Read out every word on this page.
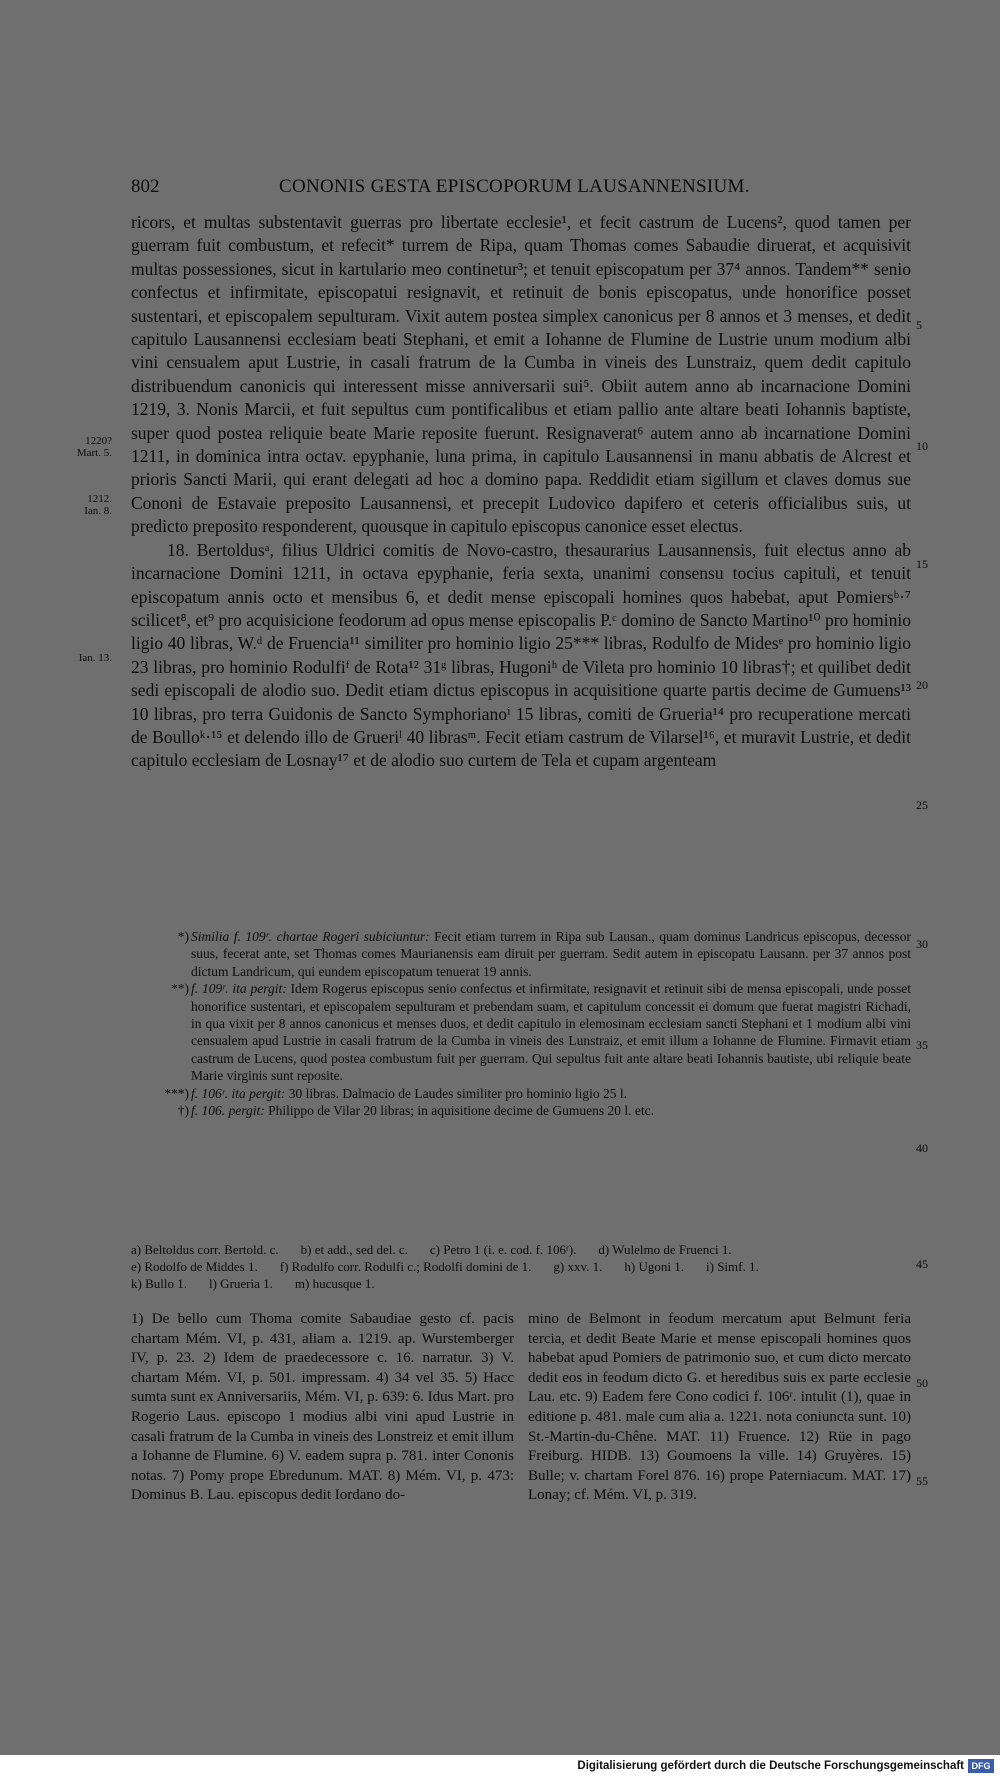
802	CONONIS GESTA EPISCOPORUM LAUSANNENSIUM.

ricors, et multas substentavit guerras pro libertate ecclesie¹, et fecit castrum de Lucens², quod tamen per guerram fuit combustum, et refecit* turrem de Ripa, quam Thomas comes Sabaudie diruerat, et acquisivit multas possessiones, sicut in kartulario meo continetur³; et tenuit episcopatum per 37⁴ annos. Tandem** senio confectus et infirmitate, episcopatui resignavit, et retinuit de bonis episcopatus, unde honorifice posset sustentari, et episcopalem sepulturam. Vixit autem postea simplex canonicus per 8 annos et 3 menses, et dedit capitulo Lausannensi ecclesiam beati Stephani, et emit a Iohanne de Flumine de Lustrie unum modium albi vini censualem aput Lustrie, in casali fratrum de la Cumba in vineis des Lunstraiz, quem dedit capitulo distribuendum canonicis qui interessent misse anniversarii sui⁵. Obiit autem anno ab incarnacione Domini 1219, 3. Nonis Marcii, et fuit sepultus cum pontificalibus et etiam pallio ante altare beati Iohannis baptiste, super quod postea reliquie beate Marie reposite fuerunt. Resignaverat⁶ autem anno ab incarnatione Domini 1211, in dominica intra octav. epyphanie, luna prima, in capitulo Lausannensi in manu abbatis de Alcrest et prioris Sancti Marii, qui erant delegati ad hoc a domino papa. Reddidit etiam sigillum et claves domus sue Cononi de Estavaie preposito Lausannensi, et precepit Ludovico dapifero et ceteris officialibus suis, ut predicto preposito responderent, quousque in capitulo episcopus canonice esset electus.

18. Bertoldusᵃ, filius Uldrici comitis de Novo-castro, thesaurarius Lausannensis, fuit electus anno ab incarnacione Domini 1211, in octava epyphanie, feria sexta, unanimi consensu tocius capituli, et tenuit episcopatum annis octo et mensibus 6, et dedit mense episcopali homines quos habebat, aput Pomiersᵇ·⁷ scilicet⁸, et⁹ pro acquisicione feodorum ad opus mense episcopalis P.ᶜ domino de Sancto Martino¹⁰ pro hominio ligio 40 libras, W.ᵈ de Fruencia¹¹ similiter pro hominio ligio 25*** libras, Rodulfo de Midesᵉ pro hominio ligio 23 libras, pro hominio Rodulfiᶠ de Rota¹² 31ᵍ libras, Hugoniʰ de Vileta pro hominio 10 libras†; et quilibet dedit sedi episcopali de alodio suo. Dedit etiam dictus episcopus in acquisitione quarte partis decime de Gumuens¹³ 10 libras, pro terra Guidonis de Sancto Symphorianoⁱ 15 libras, comiti de Grueria¹⁴ pro recuperatione mercati de Boulloᵏ·¹⁵ et delendo illo de Grueriˡ 40 librasᵐ. Fecit etiam castrum de Vilarsel¹⁶, et muravit Lustrie, et dedit capitulo ecclesiam de Losnay¹⁷ et de alodio suo curtem de Tela et cupam argenteam

1220?
Mart. 5.
1212.
Ian. 8.
Ian. 13.
5
10
15
20
25
30
35
40
45
50
55

*) Similia f. 109ʳ. chartae Rogeri subiciuntur: Fecit etiam turrem in Ripa sub Lausan., quam dominus Landricus episcopus, decessor suus, fecerat ante, set Thomas comes Maurianensis eam diruit per guerram. Sedit autem in episcopatu Lausann. per 37 annos post dictum Landricum, qui eundem episcopatum tenuerat 19 annis.

**) f. 109ʳ. ita pergit: Idem Rogerus episcopus senio confectus et infirmitate, resignavit et retinuit sibi de mensa episcopali, unde posset honorifice sustentari, et episcopalem sepulturam et prebendam suam, et capitulum concessit ei domum que fuerat magistri Richadi, in qua vixit per 8 annos canonicus et menses duos, et dedit capitulo in elemosinam ecclesiam sancti Stephani et 1 modium albi vini censualem apud Lustrie in casali fratrum de la Cumba in vineis des Lunstraiz, et emit illum a Iohanne de Flumine. Firmavit etiam castrum de Lucens, quod postea combustum fuit per guerram. Qui sepultus fuit ante altare beati Iohannis bautiste, ubi reliquie beate Marie virginis sunt reposite.

***) f. 106ʳ. ita pergit: 30 libras. Dalmacio de Laudes similiter pro hominio ligio 25 l.

†) f. 106. pergit: Philippo de Vilar 20 libras; in aquisitione decime de Gumuens 20 l. etc.

a) Beltoldus corr. Bertold. c. b) et add., sed del. c. c) Petro 1 (i. e. cod. f. 106ʳ). d) Wulelmo de Fruenci 1.

e) Rodolfo de Middes 1. f) Rodulfo corr. Rodulfi c.; Rodolfi domini de 1. g) xxv. 1. h) Ugoni 1. i) Simf. 1.

k) Bullo 1. l) Grueria 1. m) hucusque 1.

1) De bello cum Thoma comite Sabaudiae gesto cf. pacis chartam Mém. VI, p. 431, aliam a. 1219. ap. Wurstemberger IV, p. 23. 2) Idem de praedecessore c. 16. narratur. 3) V. chartam Mém. VI, p. 501. impressam. 4) 34 vel 35. 5) Hacc sumta sunt ex Anniversariis, Mém. VI, p. 639: 6. Idus Mart. pro Rogerio Laus. episcopo 1 modius albi vini apud Lustrie in casali fratrum de la Cumba in vineis des Lonstreiz et emit illum a Iohanne de Flumine. 6) V. eadem supra p. 781. inter Cononis notas. 7) Pomy prope Ebredunum. MAT. 8) Mém. VI, p. 473: Dominus B. Lau. episcopus dedit Iordano do-
mino de Belmont in feodum mercatum aput Belmunt feria tercia, et dedit Beate Marie et mense episcopali homines quos habebat apud Pomiers de patrimonio suo, et cum dicto mercato dedit eos in feodum dicto G. et heredibus suis ex parte ecclesie Lau. etc. 9) Eadem fere Cono codici f. 106ʳ. intulit (1), quae in editione p. 481. male cum alia a. 1221. nota coniuncta sunt. 10) St.-Martin-du-Chêne. MAT. 11) Fruence. 12) Rüe in pago Freiburg. HIDB. 13) Goumoens la ville. 14) Gruyères. 15) Bulle; v. chartam Forel 876. 16) prope Paterniacum. MAT. 17) Lonay; cf. Mém. VI, p. 319.
Digitalisierung gefördert durch die Deutsche Forschungsgemeinschaft DFG
